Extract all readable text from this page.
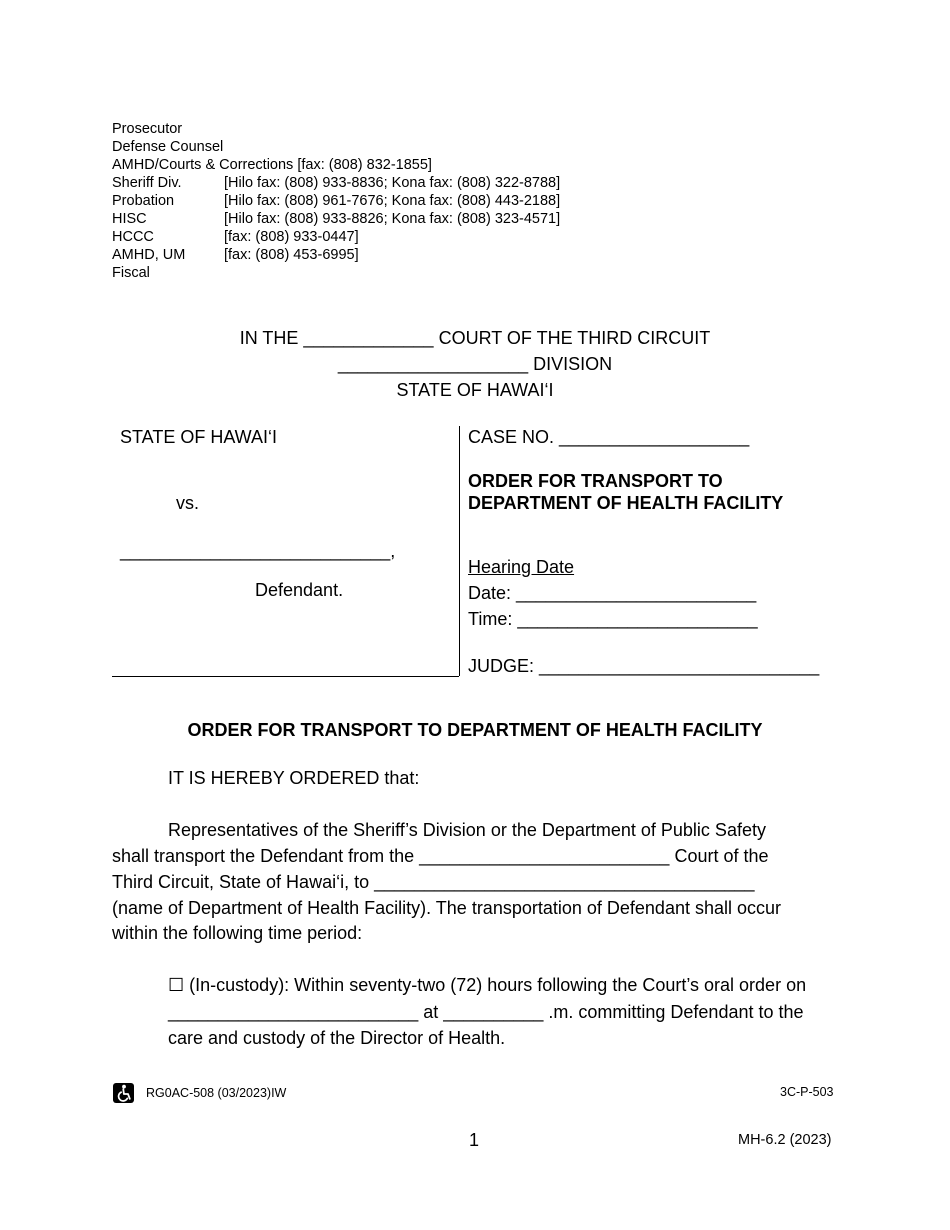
Prosecutor
Defense Counsel
AMHD/Courts & Corrections [fax: (808) 832-1855]
Sheriff Div.	[Hilo fax: (808) 933-8836; Kona fax: (808) 322-8788]
Probation	[Hilo fax: (808) 961-7676; Kona fax: (808) 443-2188]
HISC	[Hilo fax: (808) 933-8826; Kona fax: (808) 323-4571]
HCCC	[fax: (808) 933-0447]
AMHD, UM	[fax: (808) 453-6995]
Fiscal
IN THE _____________ COURT OF THE THIRD CIRCUIT
___________________ DIVISION
STATE OF HAWAI‘I
STATE OF HAWAI‘I
vs.
___________________________,
Defendant.
CASE NO. ___________________
ORDER FOR TRANSPORT TO
DEPARTMENT OF HEALTH FACILITY
Hearing Date
Date: ________________________
Time: ________________________
JUDGE: ____________________________
ORDER FOR TRANSPORT TO DEPARTMENT OF HEALTH FACILITY
IT IS HEREBY ORDERED that:
Representatives of the Sheriff’s Division or the Department of Public Safety
shall transport the Defendant from the _________________________ Court of the
Third Circuit, State of Hawai‘i, to ______________________________________
(name of Department of Health Facility). The transportation of Defendant shall occur
within the following time period:
☐ (In-custody): Within seventy-two (72) hours following the Court’s oral order on
_________________________ at __________ .m. committing Defendant to the
care and custody of the Director of Health.
RG0AC-508 (03/2023)IW	3C-P-503
1	MH-6.2 (2023)
